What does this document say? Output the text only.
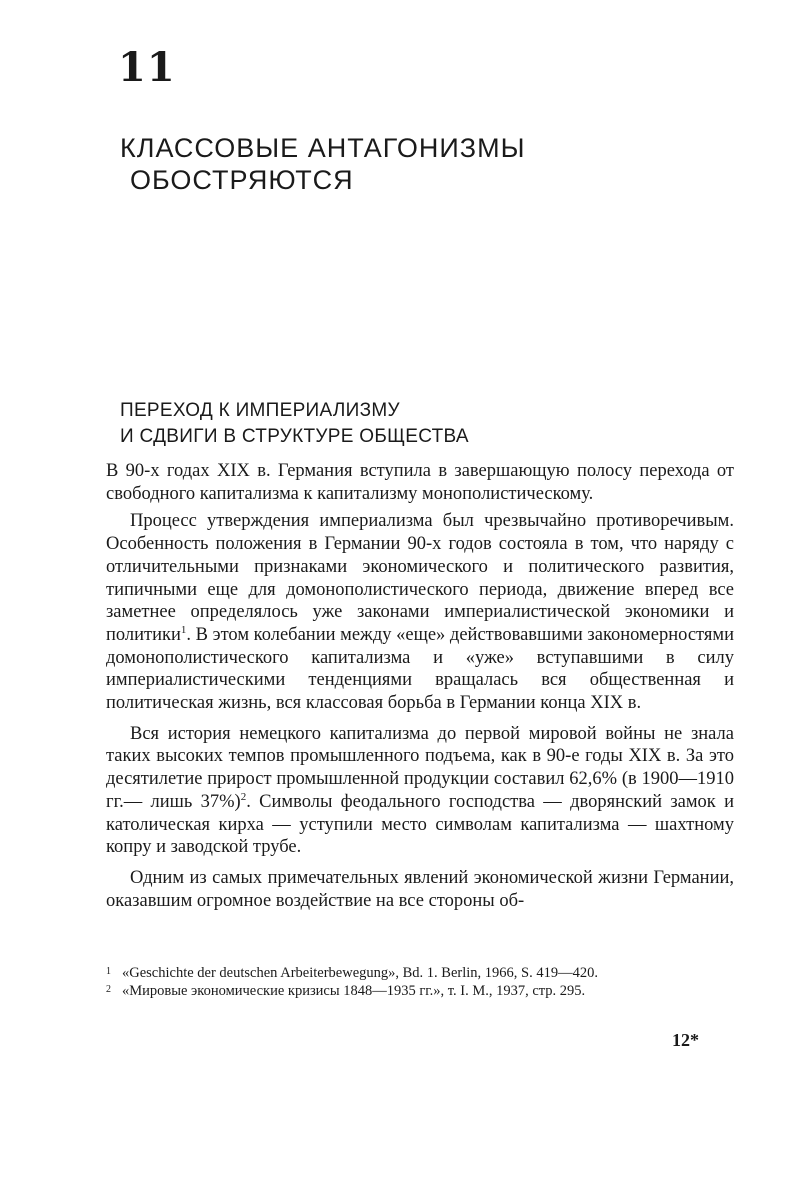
11
КЛАССОВЫЕ АНТАГОНИЗМЫ
ОБОСТРЯЮТСЯ
ПЕРЕХОД К ИМПЕРИАЛИЗМУ
И СДВИГИ В СТРУКТУРЕ ОБЩЕСТВА

В 90-х годах XIX в. Германия вступила в завершающую полосу перехода от свободного капитализма к капитализму монополистическому.

Процесс утверждения империализма был чрезвычайно противоречивым. Особенность положения в Германии 90-х годов состояла в том, что наряду с отличительными признаками экономического и политического развития, типичными еще для домонополистического периода, движение вперед все заметнее определялось уже законами империалистической экономики и политики$^1$. В этом колебании между «еще» действовавшими закономерностями домонополистического капитализма и «уже» вступавшими в силу империалистическими тенденциями вращалась вся общественная и политическая жизнь, вся классовая борьба в Германии конца XIX в.

Вся история немецкого капитализма до первой мировой войны не знала таких высоких темпов промышленного подъема, как в 90-е годы XIX в. За это десятилетие прирост промышленной продукции составил 62,6% (в 1900—1910 гг.— лишь 37%)$^2$. Символы феодального господства — дворянский замок и католическая кирха — уступили место символам капитализма — шахтному копру и заводской трубе.

Одним из самых примечательных явлений экономической жизни Германии, оказавшим огромное воздействие на все стороны об-

1 «Geschichte der deutschen Arbeiterbewegung», Bd. 1. Berlin, 1966, S. 419—420.
2 «Мировые экономические кризисы 1848—1935 гг.», т. I. М., 1937, стр. 295.
12*
